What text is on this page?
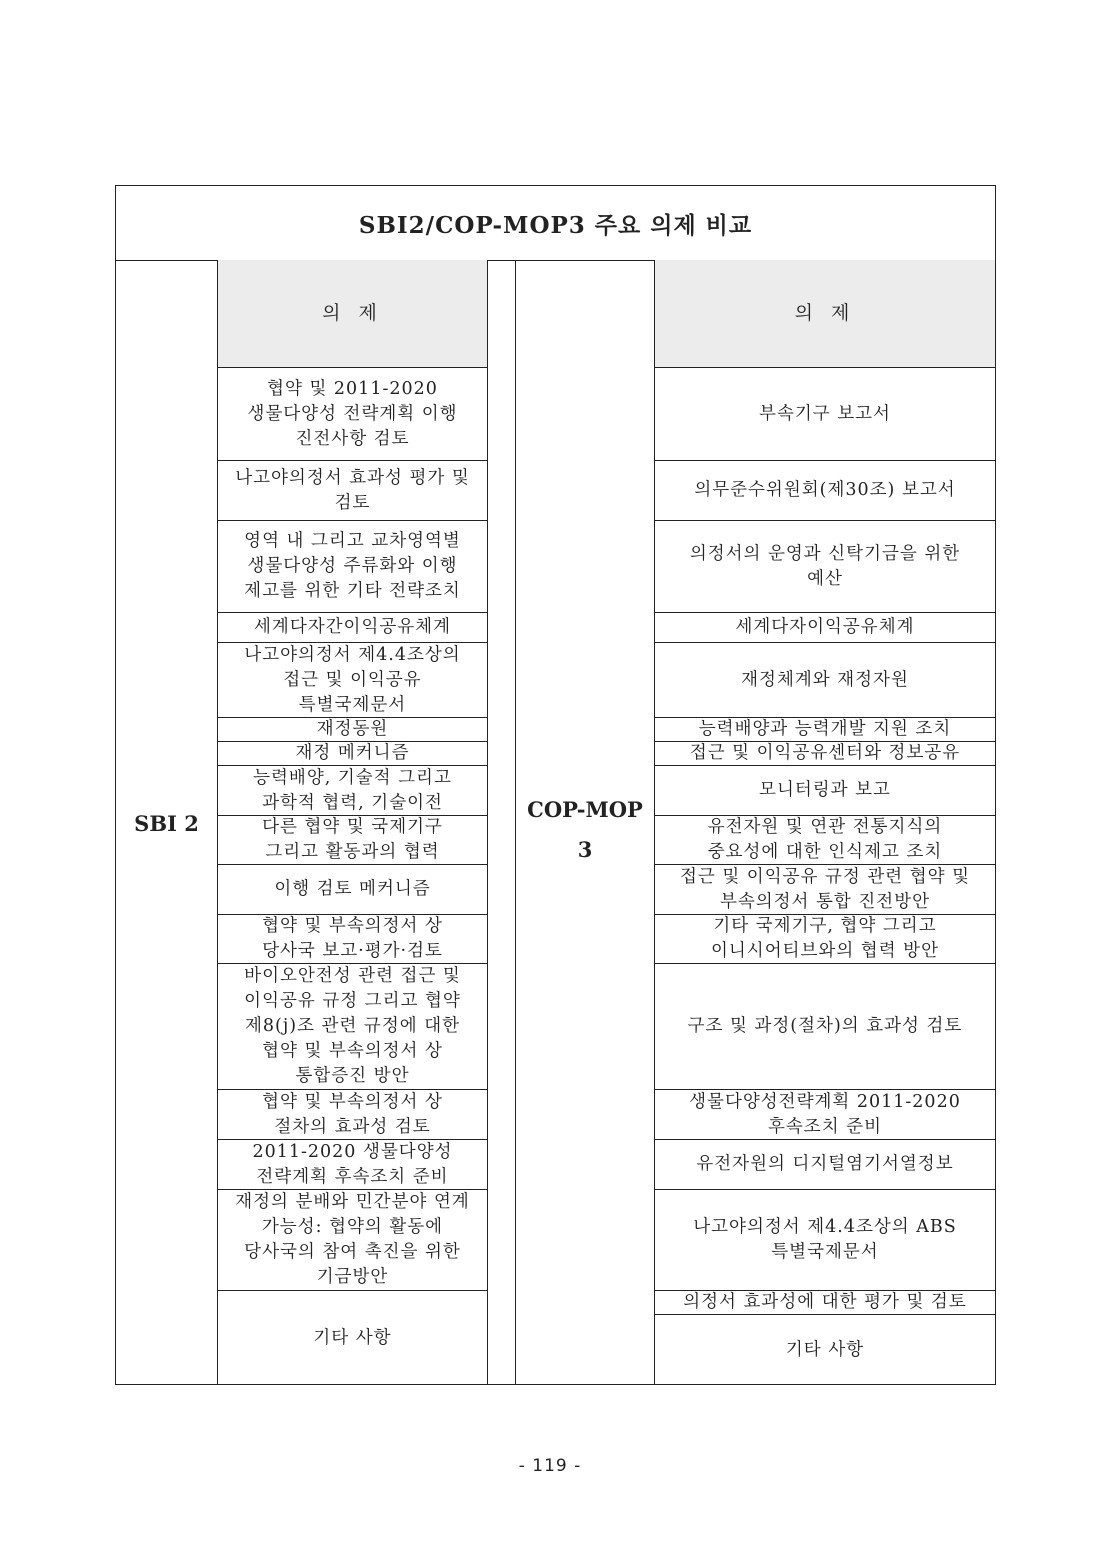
SBI2/COP-MOP3 주요 의제 비교
SBI 2
COP-MOP
3
의 제
협약 및 2011-2020
생물다양성 전략계획 이행
진전사항 검토
나고야의정서 효과성 평가 및
검토
영역 내 그리고 교차영역별
생물다양성 주류화와 이행
제고를 위한 기타 전략조치
세계다자간이익공유체계
나고야의정서 제4.4조상의
접근 및 이익공유
특별국제문서
재정동원
재정 메커니즘
능력배양, 기술적 그리고
과학적 협력, 기술이전
다른 협약 및 국제기구
그리고 활동과의 협력
이행 검토 메커니즘
협약 및 부속의정서 상
당사국 보고·평가·검토
바이오안전성 관련 접근 및
이익공유 규정 그리고 협약
제8(j)조 관련 규정에 대한
협약 및 부속의정서 상
통합증진 방안
협약 및 부속의정서 상
절차의 효과성 검토
2011-2020 생물다양성
전략계획 후속조치 준비
재정의 분배와 민간분야 연계
가능성: 협약의 활동에
당사국의 참여 촉진을 위한
기금방안
기타 사항
의 제
부속기구 보고서
의무준수위원회(제30조) 보고서
의정서의 운영과 신탁기금을 위한
예산
세계다자이익공유체계
재정체계와 재정자원
능력배양과 능력개발 지원 조치
접근 및 이익공유센터와 정보공유
모니터링과 보고
유전자원 및 연관 전통지식의
중요성에 대한 인식제고 조치
접근 및 이익공유 규정 관련 협약 및
부속의정서 통합 진전방안
기타 국제기구, 협약 그리고
이니시어티브와의 협력 방안
구조 및 과정(절차)의 효과성 검토
생물다양성전략계획 2011-2020
후속조치 준비
유전자원의 디지털염기서열정보
나고야의정서 제4.4조상의 ABS
특별국제문서
의정서 효과성에 대한 평가 및 검토
기타 사항
- 119 -
